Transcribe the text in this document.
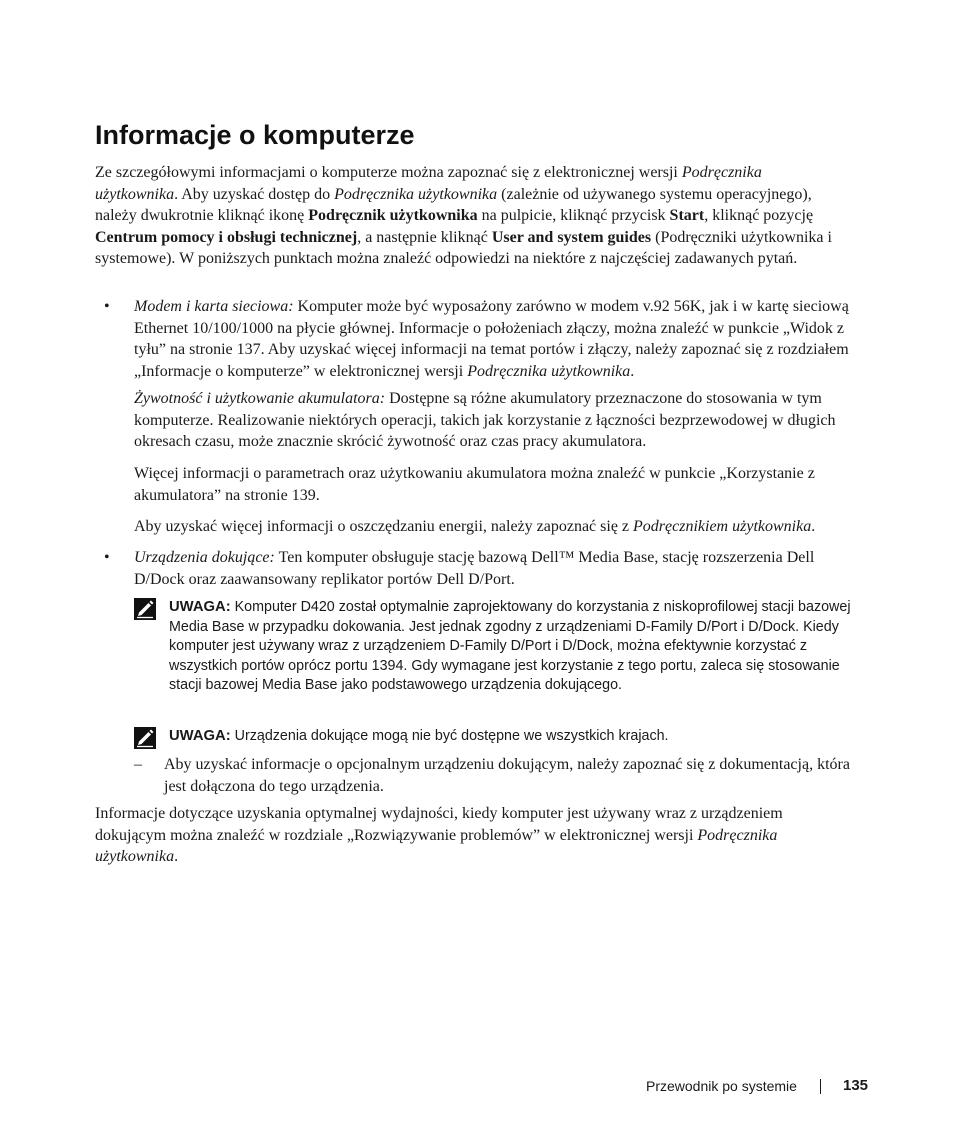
Informacje o komputerze

Ze szczegółowymi informacjami o komputerze można zapoznać się z elektronicznej wersji Podręcznika użytkownika. Aby uzyskać dostęp do Podręcznika użytkownika (zależnie od używanego systemu operacyjnego), należy dwukrotnie kliknąć ikonę Podręcznik użytkownika na pulpicie, kliknąć przycisk Start, kliknąć pozycję Centrum pomocy i obsługi technicznej, a następnie kliknąć User and system guides (Podręczniki użytkownika i systemowe). W poniższych punktach można znaleźć odpowiedzi na niektóre z najczęściej zadawanych pytań.

• Modem i karta sieciowa: Komputer może być wyposażony zarówno w modem v.92 56K, jak i w kartę sieciową Ethernet 10/100/1000 na płycie głównej. Informacje o położeniach złączy, można znaleźć w punkcie „Widok z tyłu” na stronie 137. Aby uzyskać więcej informacji na temat portów i złączy, należy zapoznać się z rozdziałem „Informacje o komputerze” w elektronicznej wersji Podręcznika użytkownika.

Żywotność i użytkowanie akumulatora: Dostępne są różne akumulatory przeznaczone do stosowania w tym komputerze. Realizowanie niektórych operacji, takich jak korzystanie z łączności bezprzewodowej w długich okresach czasu, może znacznie skrócić żywotność oraz czas pracy akumulatora.

Więcej informacji o parametrach oraz użytkowaniu akumulatora można znaleźć w punkcie „Korzystanie z akumulatora” na stronie 139.

Aby uzyskać więcej informacji o oszczędzaniu energii, należy zapoznać się z Podręcznikiem użytkownika.

• Urządzenia dokujące: Ten komputer obsługuje stację bazową Dell™ Media Base, stację rozszerzenia Dell D/Dock oraz zaawansowany replikator portów Dell D/Port.

UWAGA: Komputer D420 został optymalnie zaprojektowany do korzystania z niskoprofilowej stacji bazowej Media Base w przypadku dokowania. Jest jednak zgodny z urządzeniami D-Family D/Port i D/Dock. Kiedy komputer jest używany wraz z urządzeniem D-Family D/Port i D/Dock, można efektywnie korzystać z wszystkich portów oprócz portu 1394. Gdy wymagane jest korzystanie z tego portu, zaleca się stosowanie stacji bazowej Media Base jako podstawowego urządzenia dokującego.

UWAGA: Urządzenia dokujące mogą nie być dostępne we wszystkich krajach.

– Aby uzyskać informacje o opcjonalnym urządzeniu dokującym, należy zapoznać się z dokumentacją, która jest dołączona do tego urządzenia.

Informacje dotyczące uzyskania optymalnej wydajności, kiedy komputer jest używany wraz z urządzeniem dokującym można znaleźć w rozdziale „Rozwiązywanie problemów” w elektronicznej wersji Podręcznika użytkownika.

Przewodnik po systemie	135
